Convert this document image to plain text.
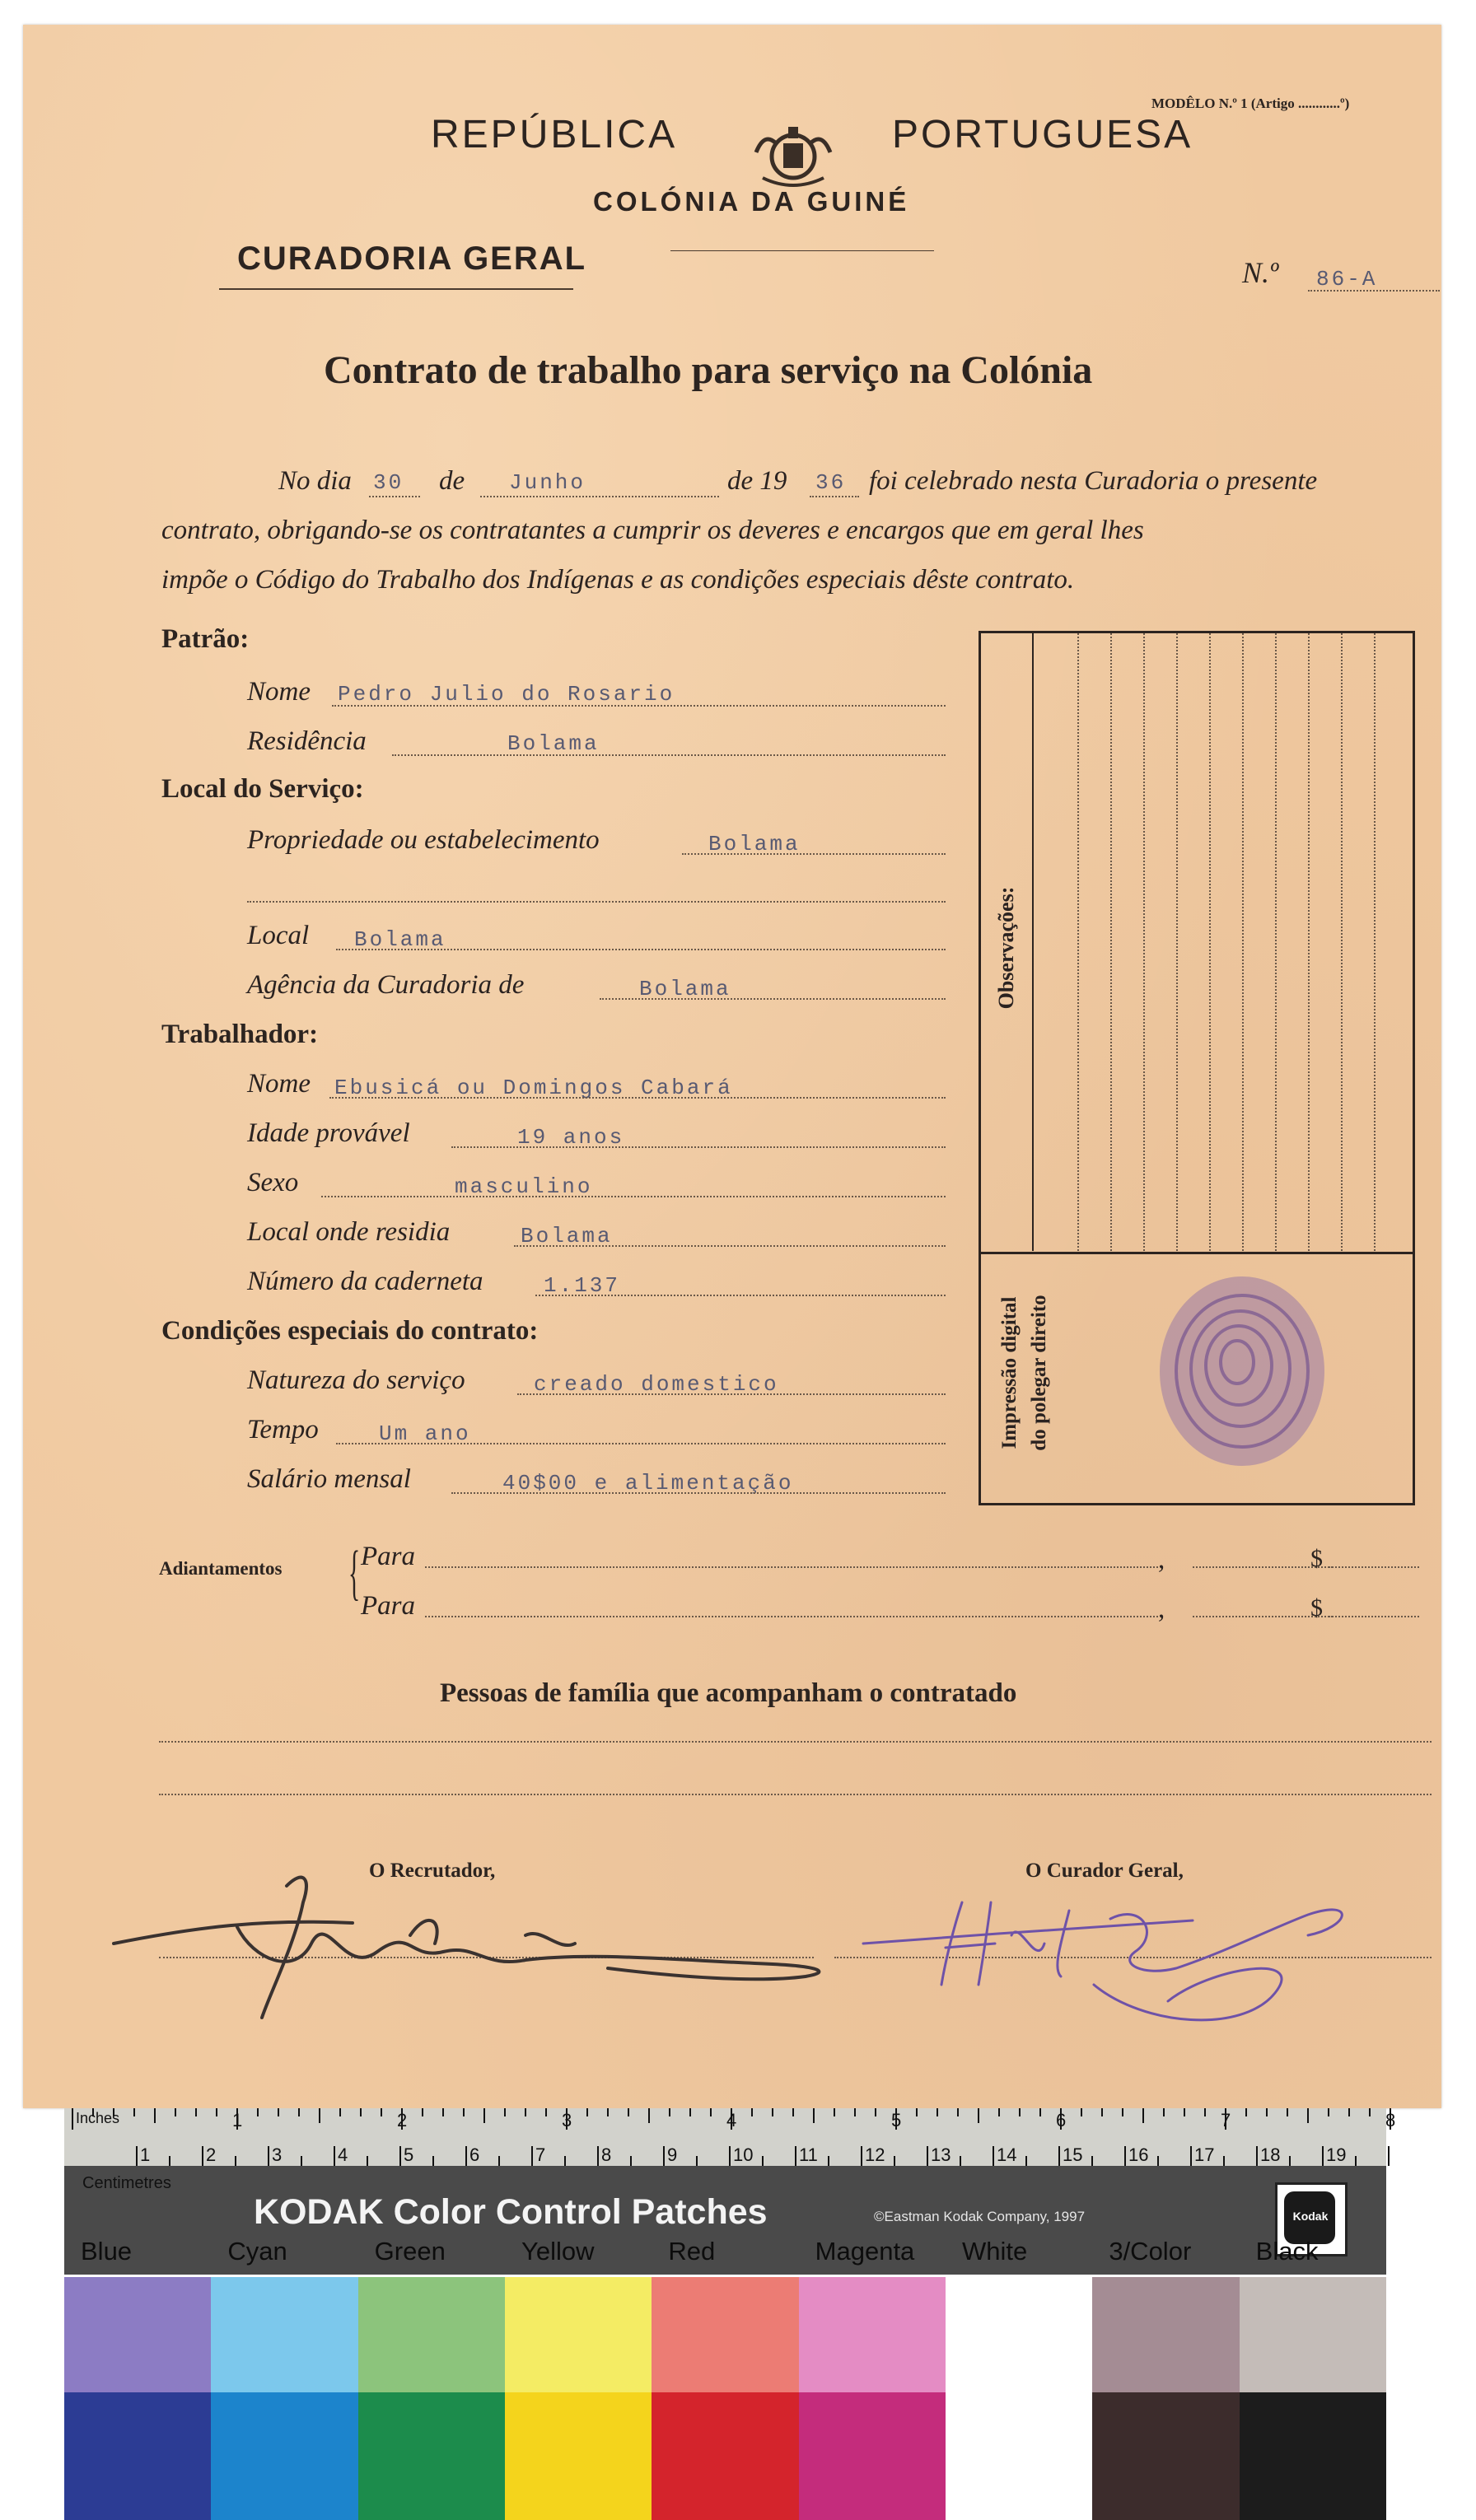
MODÊLO N.º 1 (Artigo ............º)
REPÚBLICA	PORTUGUESA
COLÓNIA DA GUINÉ
CURADORIA GERAL	N.º 86-A
Contrato de trabalho para serviço na Colónia
No dia 30 de Junho	de 19 36 foi celebrado nesta Curadoria o presente
contrato, obrigando-se os contratantes a cumprir os deveres e encargos que em geral lhes
impõe o Código do Trabalho dos Indígenas e as condições especiais dêste contrato.
Patrão:
Nome Pedro Julio do Rosario
Residência	Bolama
Local do Serviço:
Propriedade ou estabelecimento	Bolama
Local Bolama
Agência da Curadoria de	Bolama
Trabalhador:
Nome Ebusicá ou Domingos Cabará
Idade provável	19 anos
Sexo	masculino
Local onde residia	Bolama
Número da caderneta	1.137
Condições especiais do contrato:
Natureza do serviço	creado domestico
Tempo	Um ano
Salário mensal	40$00 e alimentação
Observações:
Impressão digital do polegar direito
Adiantamentos { Para	,	$
Para	,	$
Pessoas de família que acompanham o contratado
O Recrutador,	O Curador Geral,
1	2	3	4	5	6	7	8
1	2	3	4	5	6	7	8	9	10	11	12	13	14	15	16	17	18	19
Inches
Centimetres
KODAK Color Control Patches	©Eastman Kodak Company, 1997	Kodak
Blue	Cyan	Green	Yellow	Red	Magenta White	3/Color	Black
